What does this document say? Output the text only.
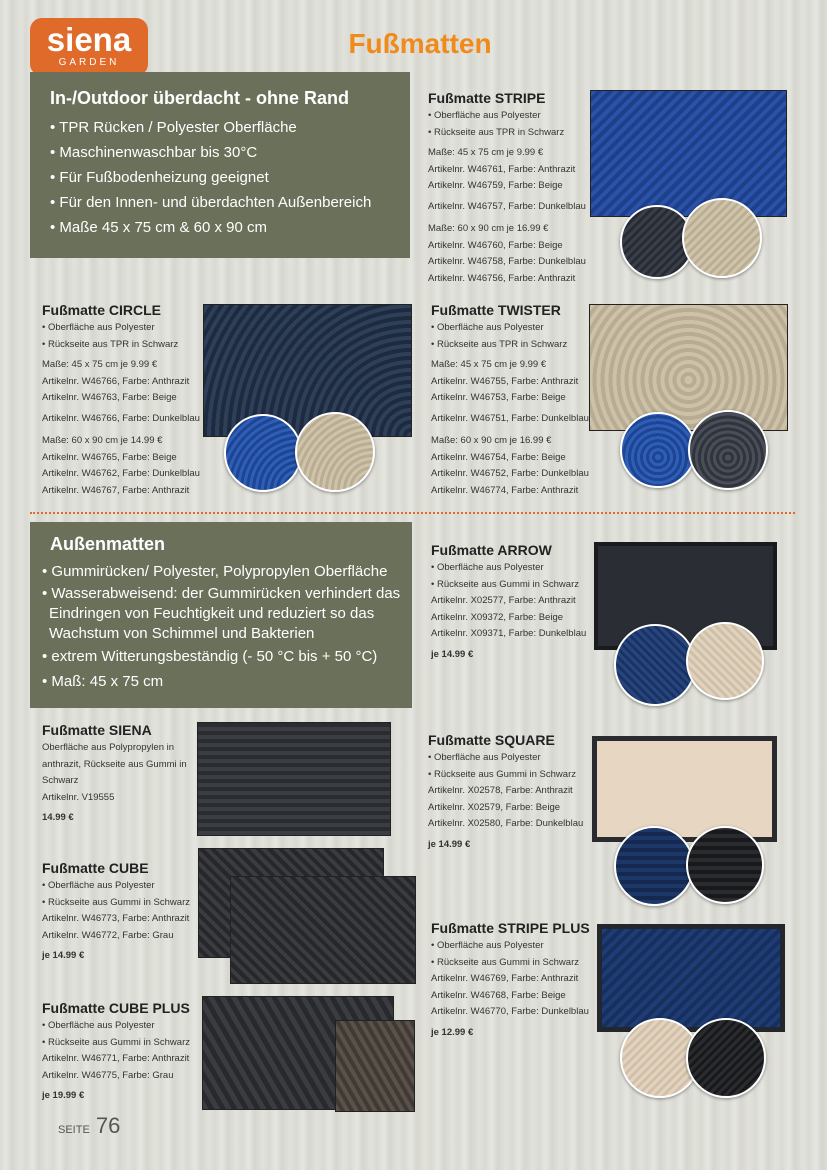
siena
GARDEN
Fußmatten
In-/Outdoor überdacht - ohne Rand
• TPR Rücken / Polyester Oberfläche
• Maschinenwaschbar bis 30°C
• Für Fußbodenheizung geeignet
• Für den Innen- und überdachten Außenbereich
• Maße 45 x 75 cm & 60 x 90 cm
Fußmatte STRIPE
• Oberfläche aus Polyester
• Rückseite aus TPR in Schwarz
Maße: 45 x 75 cm je 9.99 €
Artikelnr. W46761, Farbe: Anthrazit
Artikelnr. W46759, Farbe: Beige
Artikelnr. W46757, Farbe: Dunkelblau
Maße: 60 x 90 cm je 16.99 €
Artikelnr. W46760, Farbe: Beige
Artikelnr. W46758, Farbe: Dunkelblau
Artikelnr. W46756, Farbe: Anthrazit
Fußmatte CIRCLE
• Oberfläche aus Polyester
• Rückseite aus TPR in Schwarz
Maße: 45 x 75 cm je 9.99 €
Artikelnr. W46766, Farbe: Anthrazit
Artikelnr. W46763, Farbe: Beige
Artikelnr. W46766, Farbe: Dunkelblau
Maße: 60 x 90 cm je 14.99 €
Artikelnr. W46765, Farbe: Beige
Artikelnr. W46762, Farbe: Dunkelblau
Artikelnr. W46767, Farbe: Anthrazit
Fußmatte TWISTER
• Oberfläche aus Polyester
• Rückseite aus TPR in Schwarz
Maße: 45 x 75 cm je 9.99 €
Artikelnr. W46755, Farbe: Anthrazit
Artikelnr. W46753, Farbe: Beige
Artikelnr. W46751, Farbe: Dunkelblau
Maße: 60 x 90 cm je 16.99 €
Artikelnr. W46754, Farbe: Beige
Artikelnr. W46752, Farbe: Dunkelblau
Artikelnr. W46774, Farbe: Anthrazit
Außenmatten
• Gummirücken/ Polyester, Polypropylen Oberfläche
• Wasserabweisend: der Gummirücken verhindert das Eindringen von Feuchtigkeit und reduziert so das Wachstum von Schimmel und Bakterien
• extrem Witterungsbeständig (- 50 °C bis + 50 °C)
• Maß: 45 x 75 cm
Fußmatte ARROW
• Oberfläche aus Polyester
• Rückseite aus Gummi in Schwarz
Artikelnr. X02577, Farbe: Anthrazit
Artikelnr. X09372, Farbe: Beige
Artikelnr. X09371, Farbe: Dunkelblau
je 14.99 €
Fußmatte SIENA
Oberfläche aus Polypropylen in
anthrazit, Rückseite aus Gummi in
Schwarz
Artikelnr. V19555
14.99 €
Fußmatte SQUARE
• Oberfläche aus Polyester
• Rückseite aus Gummi in Schwarz
Artikelnr. X02578, Farbe: Anthrazit
Artikelnr. X02579, Farbe: Beige
Artikelnr. X02580, Farbe: Dunkelblau
je 14.99 €
Fußmatte CUBE
• Oberfläche aus Polyester
• Rückseite aus Gummi in Schwarz
Artikelnr. W46773, Farbe: Anthrazit
Artikelnr. W46772, Farbe: Grau
je 14.99 €
Fußmatte STRIPE PLUS
• Oberfläche aus Polyester
• Rückseite aus Gummi in Schwarz
Artikelnr. W46769, Farbe: Anthrazit
Artikelnr. W46768, Farbe: Beige
Artikelnr. W46770, Farbe: Dunkelblau
je 12.99 €
Fußmatte CUBE PLUS
• Oberfläche aus Polyester
• Rückseite aus Gummi in Schwarz
Artikelnr. W46771, Farbe: Anthrazit
Artikelnr. W46775, Farbe: Grau
je 19.99 €
SEITE 76
